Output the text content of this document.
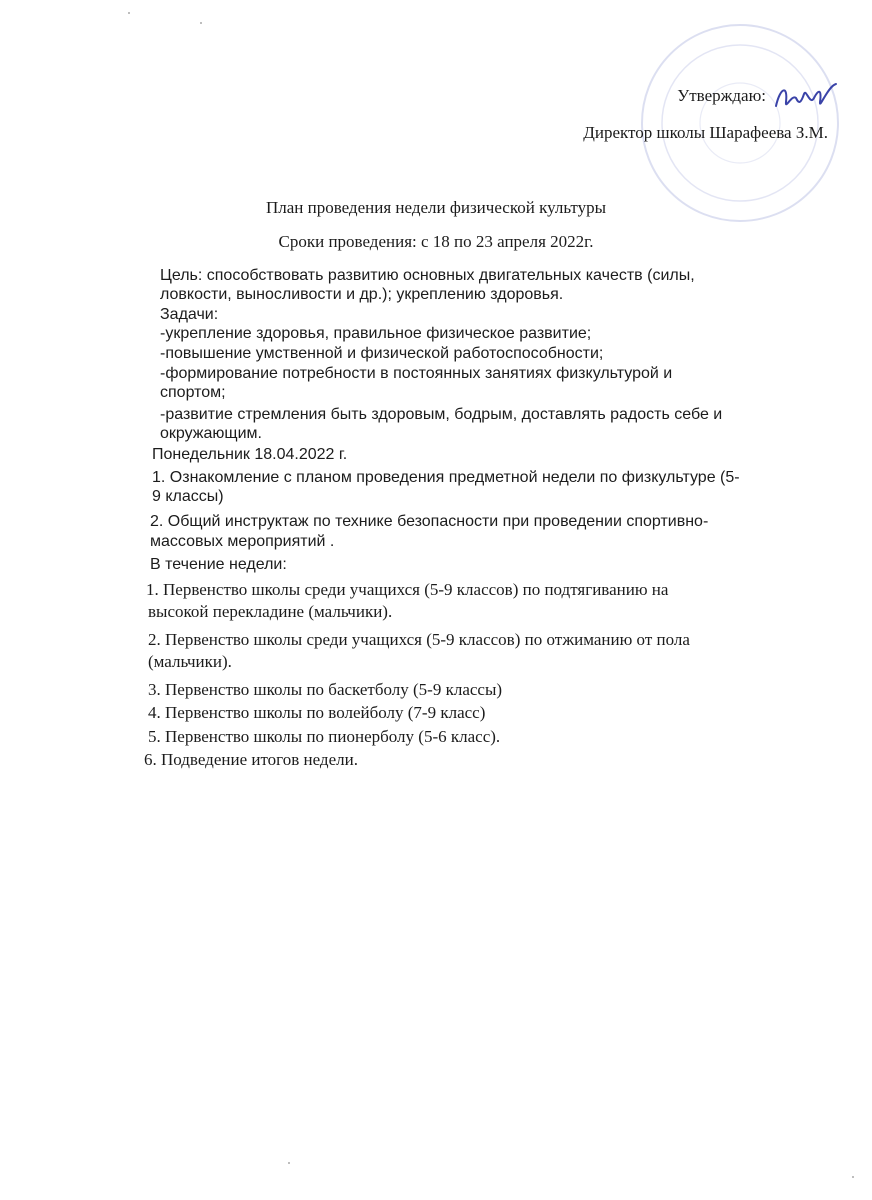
Утверждаю:
Директор школы Шарафеева З.М.
План проведения недели физической культуры
Сроки проведения: с 18 по 23 апреля 2022г.
Цель: способствовать развитию основных двигательных качеств (силы,
ловкости, выносливости и др.); укреплению здоровья.
Задачи:
-укрепление здоровья, правильное физическое развитие;
-повышение умственной и физической работоспособности;
-формирование потребности в постоянных занятиях физкультурой и
спортом;
-развитие стремления быть здоровым, бодрым, доставлять радость себе и
окружающим.
Понедельник 18.04.2022 г.
1. Ознакомление с планом проведения предметной недели по физкультуре (5-
9 классы)
2. Общий инструктаж по технике безопасности при проведении спортивно-
массовых мероприятий .
В течение недели:
1. Первенство школы среди учащихся (5-9 классов) по подтягиванию на
высокой перекладине (мальчики).
2. Первенство школы среди учащихся (5-9 классов) по отжиманию от пола
(мальчики).
3. Первенство школы по баскетболу (5-9 классы)
4. Первенство школы по волейболу (7-9 класс)
5. Первенство школы по пионерболу (5-6 класс).
6. Подведение итогов недели.
